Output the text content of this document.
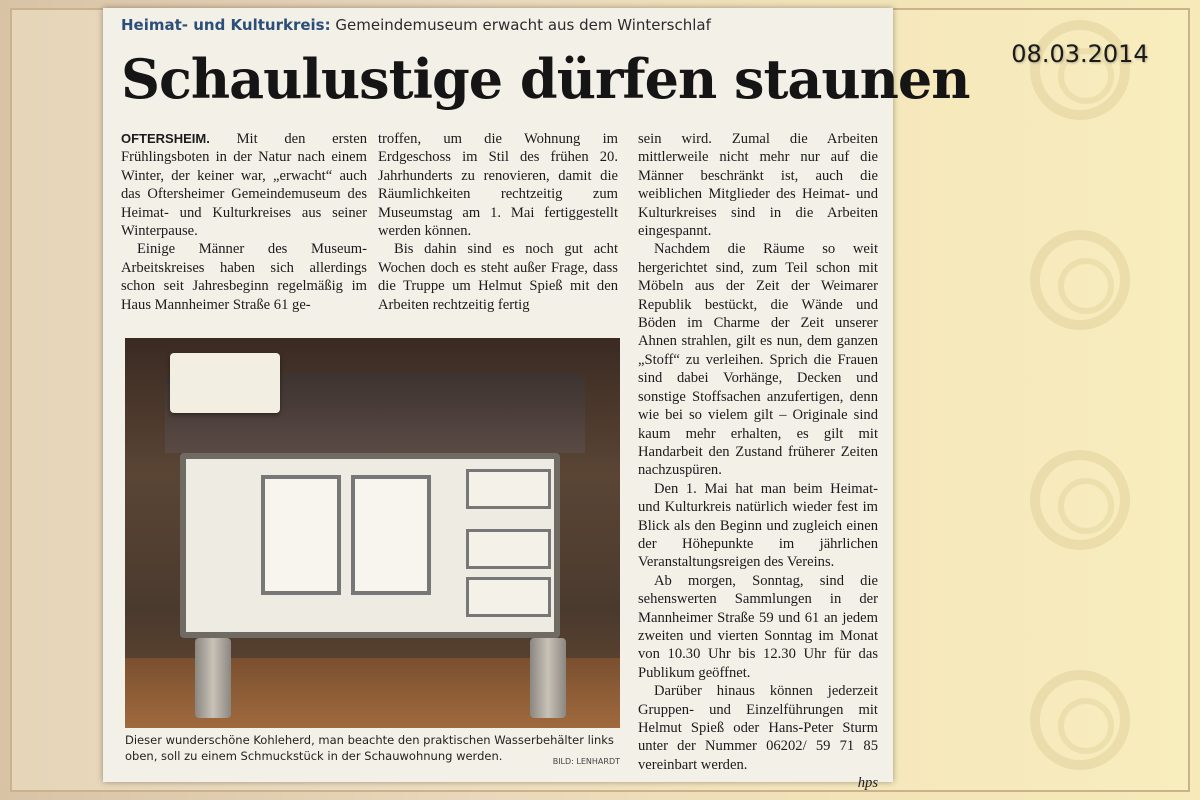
08.03.2014
Heimat- und Kulturkreis: Gemeindemuseum erwacht aus dem Winterschlaf
Schaulustige dürfen staunen

OFTERSHEIM. Mit den ersten Frühlingsboten in der Natur nach einem Winter, der keiner war, „erwacht“ auch das Oftersheimer Gemeindemuseum des Heimat- und Kulturkreises aus seiner Winterpause.

Einige Männer des Museum-Arbeitskreises haben sich allerdings schon seit Jahresbeginn regelmäßig im Haus Mannheimer Straße 61 ge-

troffen, um die Wohnung im Erdgeschoss im Stil des frühen 20. Jahrhunderts zu renovieren, damit die Räumlichkeiten rechtzeitig zum Museumstag am 1. Mai fertiggestellt werden können.

Bis dahin sind es noch gut acht Wochen doch es steht außer Frage, dass die Truppe um Helmut Spieß mit den Arbeiten rechtzeitig fertig

sein wird. Zumal die Arbeiten mittlerweile nicht mehr nur auf die Männer beschränkt ist, auch die weiblichen Mitglieder des Heimat- und Kulturkreises sind in die Arbeiten eingespannt.

Nachdem die Räume so weit hergerichtet sind, zum Teil schon mit Möbeln aus der Zeit der Weimarer Republik bestückt, die Wände und Böden im Charme der Zeit unserer Ahnen strahlen, gilt es nun, dem ganzen „Stoff“ zu verleihen. Sprich die Frauen sind dabei Vorhänge, Decken und sonstige Stoffsachen anzufertigen, denn wie bei so vielem gilt – Originale sind kaum mehr erhalten, es gilt mit Handarbeit den Zustand früherer Zeiten nachzuspüren.

Den 1. Mai hat man beim Heimat- und Kulturkreis natürlich wieder fest im Blick als den Beginn und zugleich einen der Höhepunkte im jährlichen Veranstaltungsreigen des Vereins.

Ab morgen, Sonntag, sind die sehenswerten Sammlungen in der Mannheimer Straße 59 und 61 an jedem zweiten und vierten Sonntag im Monat von 10.30 Uhr bis 12.30 Uhr für das Publikum geöffnet.

Darüber hinaus können jederzeit Gruppen- und Einzelführungen mit Helmut Spieß oder Hans-Peter Sturm unter der Nummer 06202/ 59 71 85 vereinbart werden.

hps

Dieser wunderschöne Kohleherd, man beachte den praktischen Wasserbehälter links oben, soll zu einem Schmuckstück in der Schauwohnung werden.	BILD: LENHARDT
